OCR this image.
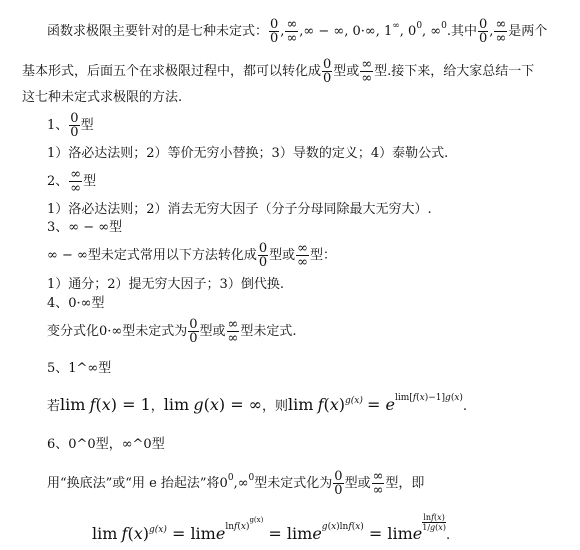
函数求极限主要针对的是七种未定式： $\frac{0}{0}$ , $\frac{\infty}{\infty}$ ,∞ − ∞, 0·∞, 1∞, $0^0$, ∞$^0$.其中 $\frac{0}{0}$ , $\frac{\infty}{\infty}$ 是两个
基本形式，后面五个在求极限过程中，都可以转化成 $\frac{0}{0}$ 型或 $\frac{\infty}{\infty}$ 型.接下来，给大家总结一下
这七种未定式求极限的方法.
1、 $\frac{0}{0}$ 型
1）洛必达法则；2）等价无穷小替换；3）导数的定义；4）泰勒公式.
2、 $\frac{\infty}{\infty}$ 型
1）洛必达法则；2）消去无穷大因子（分子分母同除最大无穷大）.
3、∞ − ∞型
∞ − ∞型未定式常用以下方法转化成 $\frac{0}{0}$ 型或 $\frac{\infty}{\infty}$ 型：
1）通分；2）提无穷大因子；3）倒代换.
4、0·∞型
变分式化0·∞型未定式为 $\frac{0}{0}$ 型或 $\frac{\infty}{\infty}$ 型未定式.
5、1^∞型
若lim f(x) = 1，lim g(x) = ∞，则$\lim f(x)^{g(x)} = e^{lim[f(x)-1]g(x)}$.
6、0^0型，∞^0型
用“换底法”或“用 e 抬起法”将$0^0,\infty^0$型未定式化为 $\frac{0}{0}$ 型或 $\frac{\infty}{\infty}$ 型，即
$\lim f(x)^{g(x)} = \lim e^{lnf(x)^{g(x)}} = \lim e^{g(x)lnf(x)} = \lim e$
$\frac{\ln f(x)}{1/g(x)}$
.
